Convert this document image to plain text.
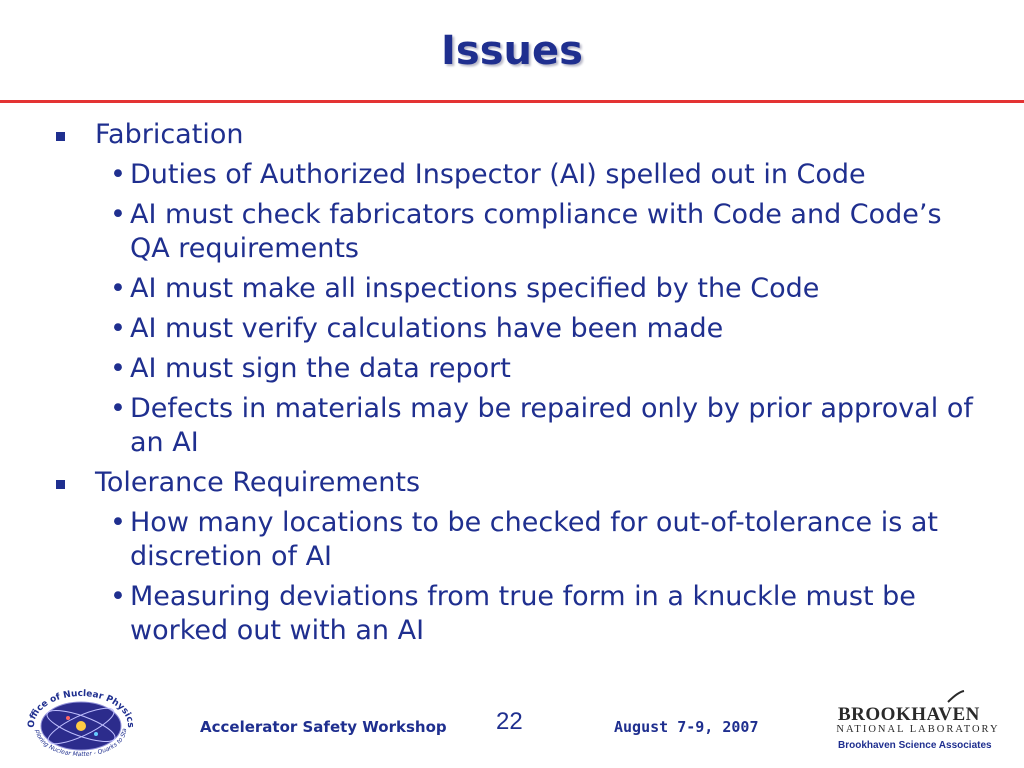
Issues
Fabrication
• Duties of Authorized Inspector (AI) spelled out in Code
• AI must check fabricators compliance with Code and Code’s QA requirements
• AI must make all inspections specified by the Code
• AI must verify calculations have been made
• AI must sign the data report
• Defects in materials may be repaired only by prior approval of an AI
Tolerance Requirements
• How many locations to be checked for out-of-tolerance is at discretion of AI
• Measuring deviations from true form in a knuckle must be worked out with an AI
Office of Nuclear Physics
ploring Nuclear Matter - Quarks to Sta	Accelerator Safety Workshop 22	August 7-9, 2007
BROOKHAVEN
NATIONAL LABORATORY
Brookhaven Science Associates
